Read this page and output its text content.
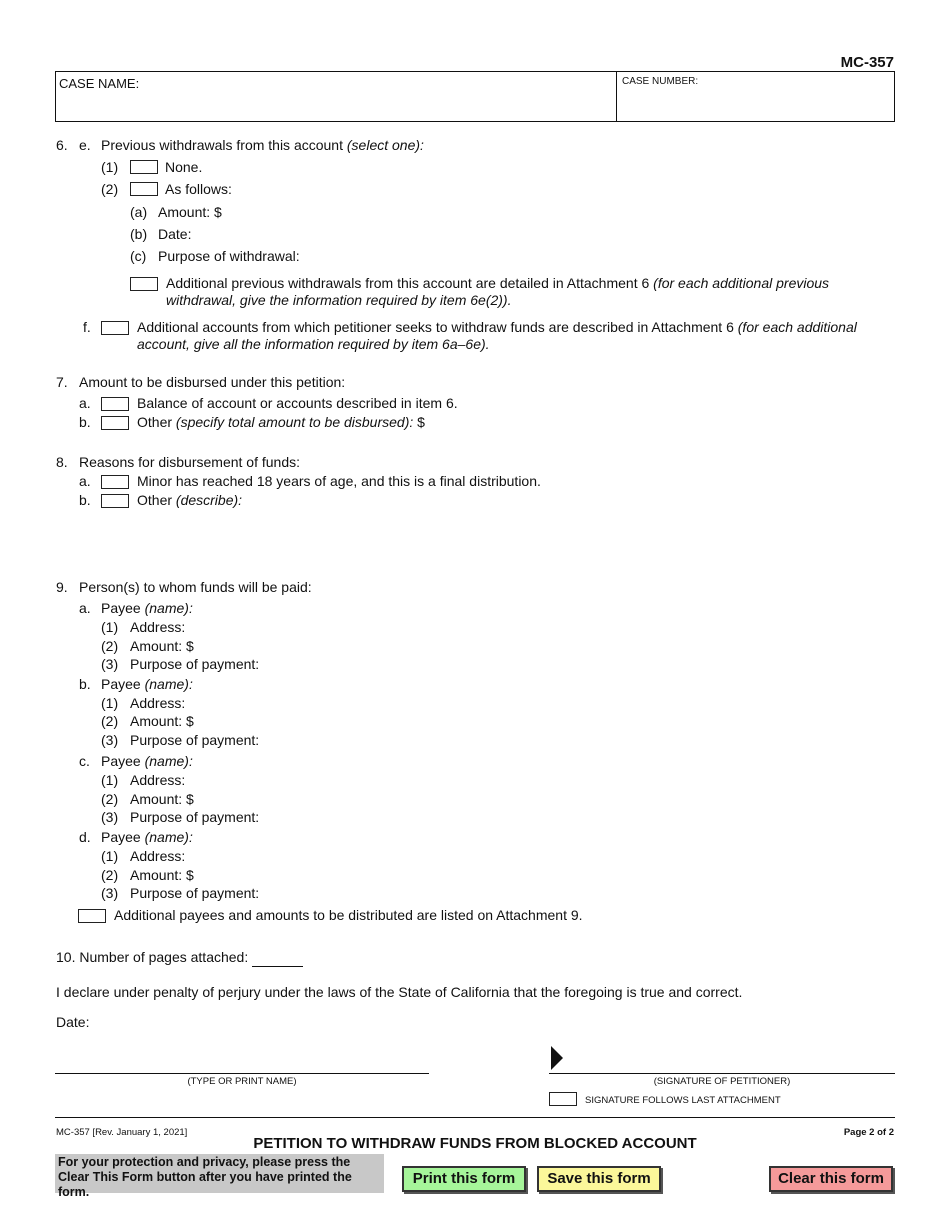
MC-357
CASE NAME:	CASE NUMBER:
6. e. Previous withdrawals from this account (select one):
(1)	None.
(2)	As follows:
(a) Amount: $
(b) Date:
(c) Purpose of withdrawal:
Additional previous withdrawals from this account are detailed in Attachment 6 (for each additional previous
withdrawal, give the information required by item 6e(2)).
f.	Additional accounts from which petitioner seeks to withdraw funds are described in Attachment 6 (for each additional
account, give all the information required by item 6a–6e).
7. Amount to be disbursed under this petition:
a.	Balance of account or accounts described in item 6.
b.	Other (specify total amount to be disbursed): $
8. Reasons for disbursement of funds:
a.	Minor has reached 18 years of age, and this is a final distribution.
b.	Other (describe):
9. Person(s) to whom funds will be paid:
a. Payee (name):
(1) Address:
(2) Amount: $
(3) Purpose of payment:
b. Payee (name):
(1) Address:
(2) Amount: $
(3) Purpose of payment:
c. Payee (name):
(1) Address:
(2) Amount: $
(3) Purpose of payment:
d. Payee (name):
(1) Address:
(2) Amount: $
(3) Purpose of payment:
Additional payees and amounts to be distributed are listed on Attachment 9.
10. Number of pages attached:
I declare under penalty of perjury under the laws of the State of California that the foregoing is true and correct.
Date:
(TYPE OR PRINT NAME)	(SIGNATURE OF PETITIONER)
SIGNATURE FOLLOWS LAST ATTACHMENT
MC-357 [Rev. January 1, 2021]
PETITION TO WITHDRAW FUNDS FROM BLOCKED ACCOUNT
Page 2 of 2
For your protection and privacy, please press the Clear This Form button after you have printed the form.
Print this form	Save this form	Clear this form
